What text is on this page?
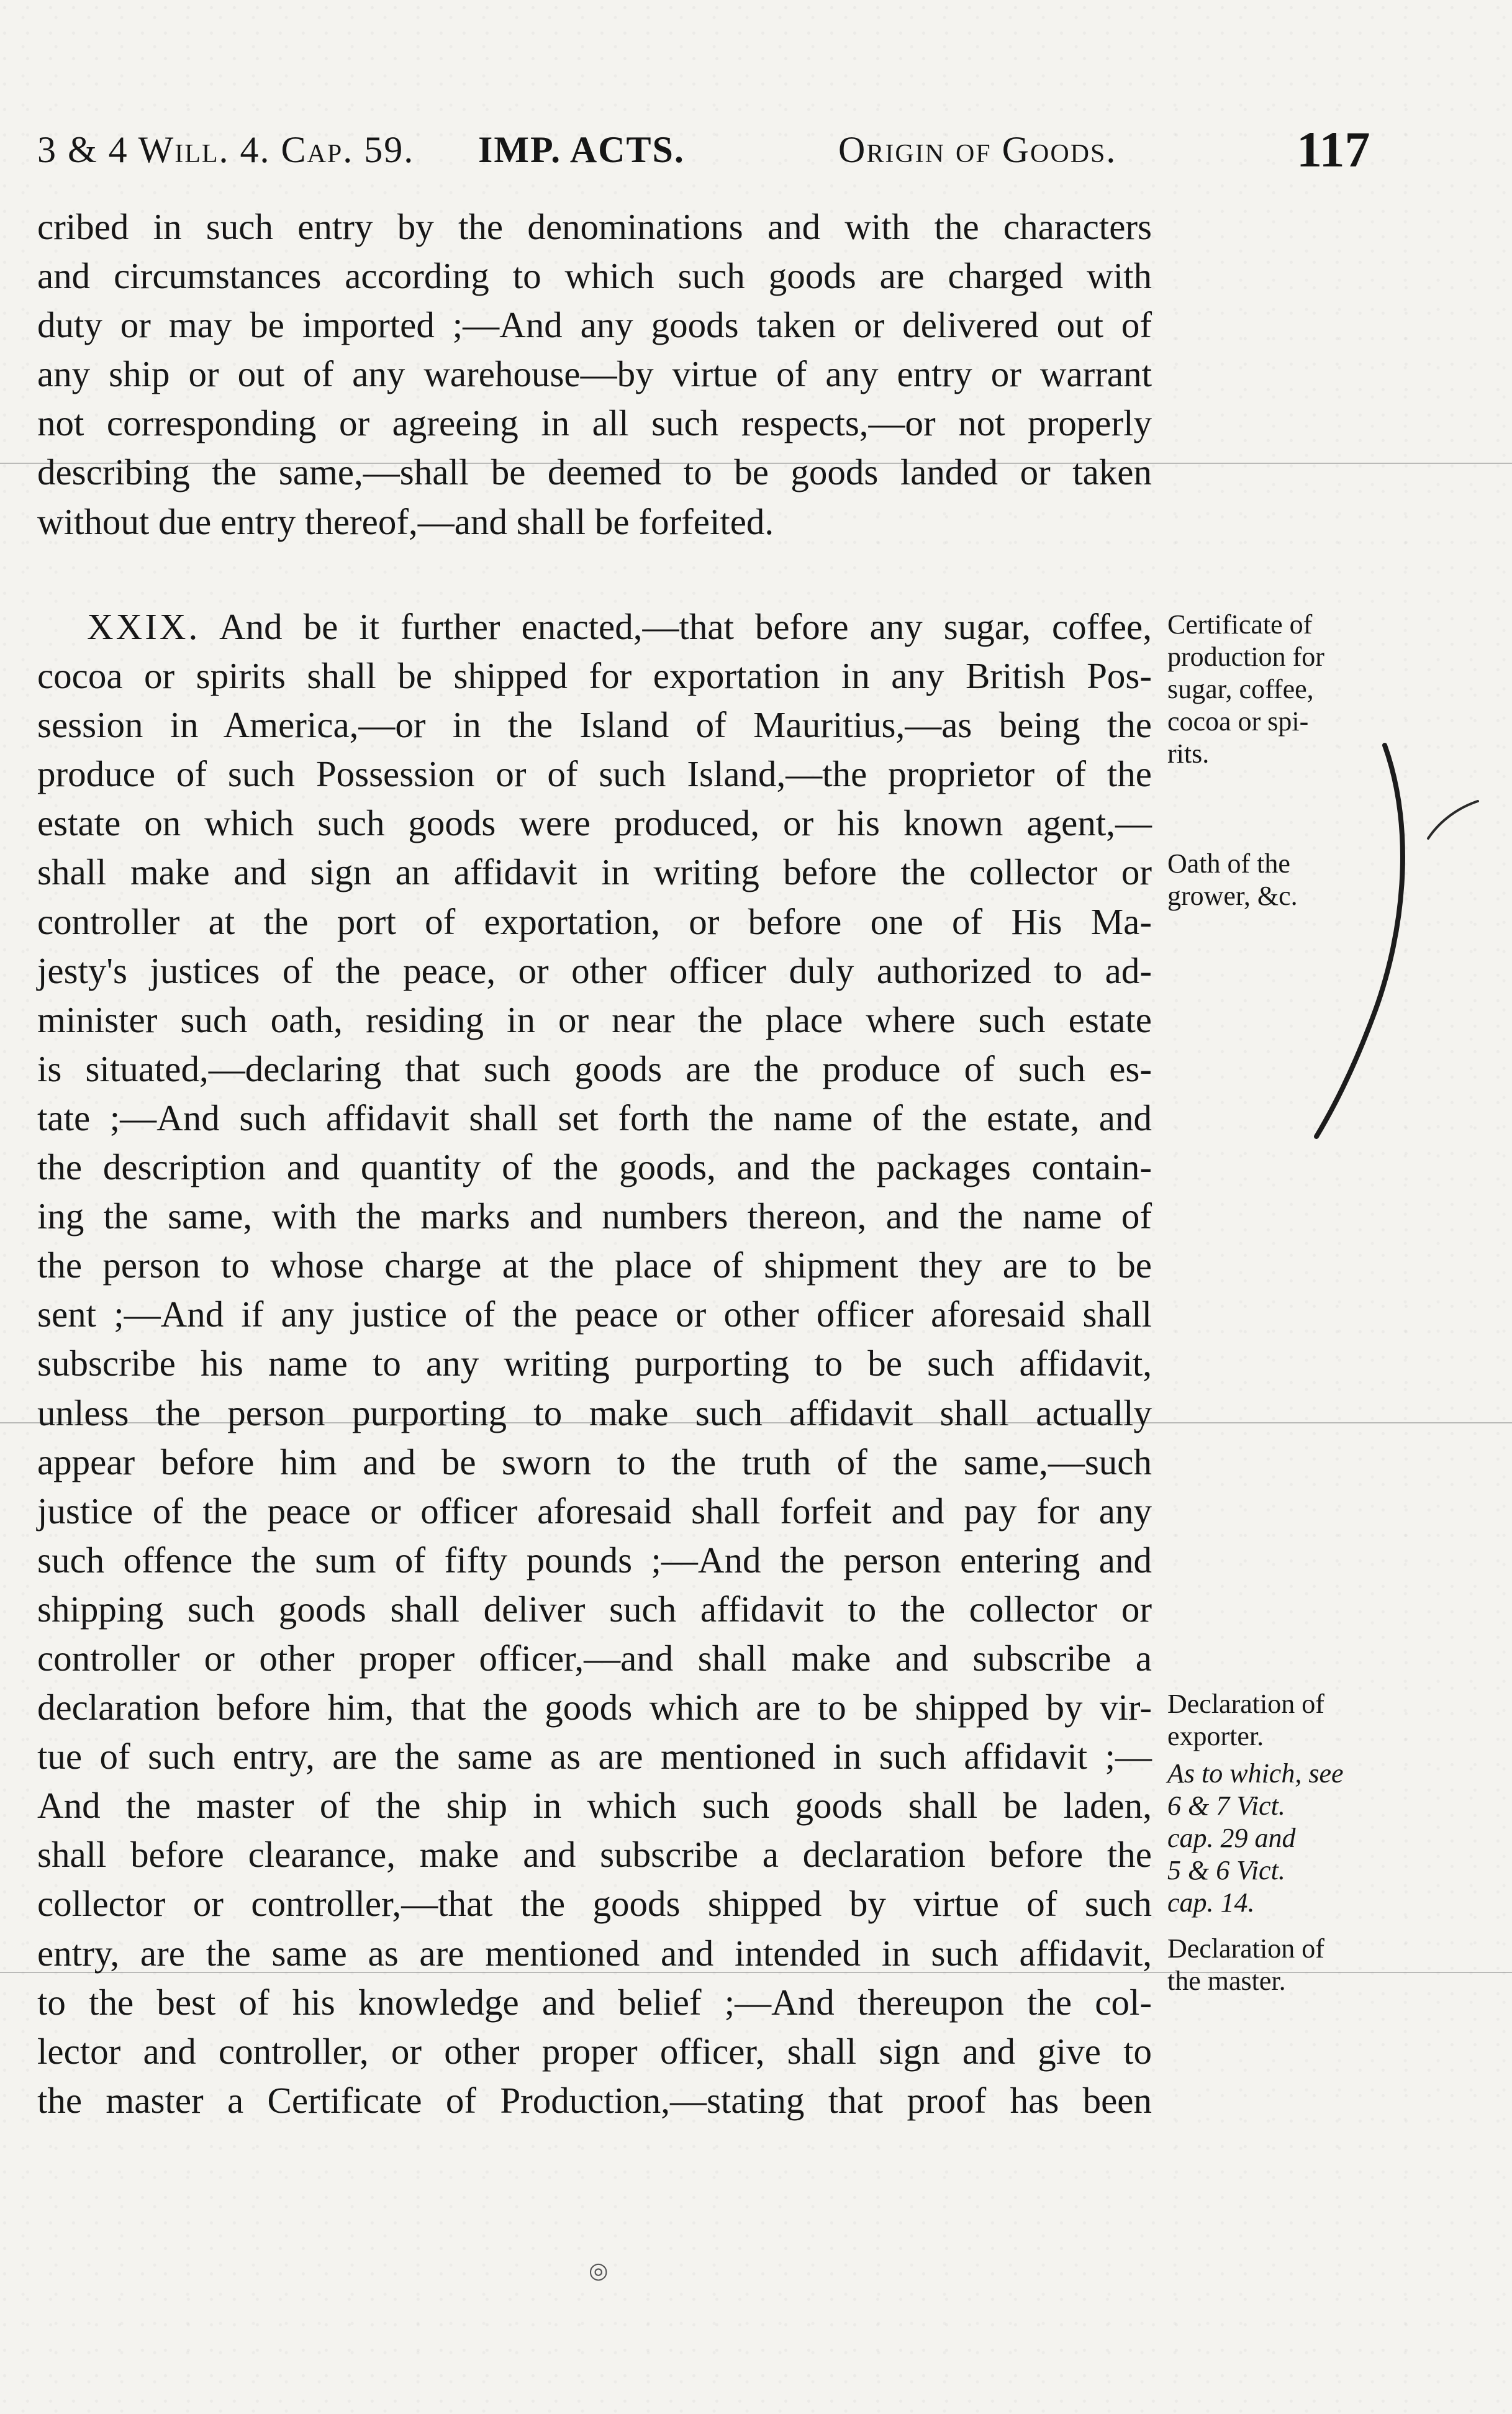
3 & 4 Will. 4. Cap. 59. IMP. ACTS.	Origin of Goods.	117
cribed in such entry by the denominations and with the characters
and circumstances according to which such goods are charged with
duty or may be imported ;—And any goods taken or delivered out of
any ship or out of any warehouse—by virtue of any entry or warrant
not corresponding or agreeing in all such respects,—or not properly
describing the same,—shall be deemed to be goods landed or taken
without due entry thereof,—and shall be forfeited.
XXIX. And be it further enacted,—that before any sugar, coffee,
cocoa or spirits shall be shipped for exportation in any British Pos-
session in America,—or in the Island of Mauritius,—as being the
produce of such Possession or of such Island,—the proprietor of the
estate on which such goods were produced, or his known agent,—
shall make and sign an affidavit in writing before the collector or
controller at the port of exportation, or before one of His Ma-
jesty's justices of the peace, or other officer duly authorized to ad-
minister such oath, residing in or near the place where such estate
is situated,—declaring that such goods are the produce of such es-
tate ;—And such affidavit shall set forth the name of the estate, and
the description and quantity of the goods, and the packages contain-
ing the same, with the marks and numbers thereon, and the name of
the person to whose charge at the place of shipment they are to be
sent ;—And if any justice of the peace or other officer aforesaid shall
subscribe his name to any writing purporting to be such affidavit,
unless the person purporting to make such affidavit shall actually
appear before him and be sworn to the truth of the same,—such
justice of the peace or officer aforesaid shall forfeit and pay for any
such offence the sum of fifty pounds ;—And the person entering and
shipping such goods shall deliver such affidavit to the collector or
controller or other proper officer,—and shall make and subscribe a
declaration before him, that the goods which are to be shipped by vir-
tue of such entry, are the same as are mentioned in such affidavit ;—
And the master of the ship in which such goods shall be laden,
shall before clearance, make and subscribe a declaration before the
collector or controller,—that the goods shipped by virtue of such
entry, are the same as are mentioned and intended in such affidavit,
to the best of his knowledge and belief ;—And thereupon the col-
lector and controller, or other proper officer, shall sign and give to
the master a Certificate of Production,—stating that proof has been
Certificate of
production for
sugar, coffee,
cocoa or spi-
rits.
Oath of the
grower, &c.
Declaration of
exporter.
As to which, see
6 & 7 Vict.
cap. 29 and
5 & 6 Vict.
cap. 14.
Declaration of
the master.
◎
